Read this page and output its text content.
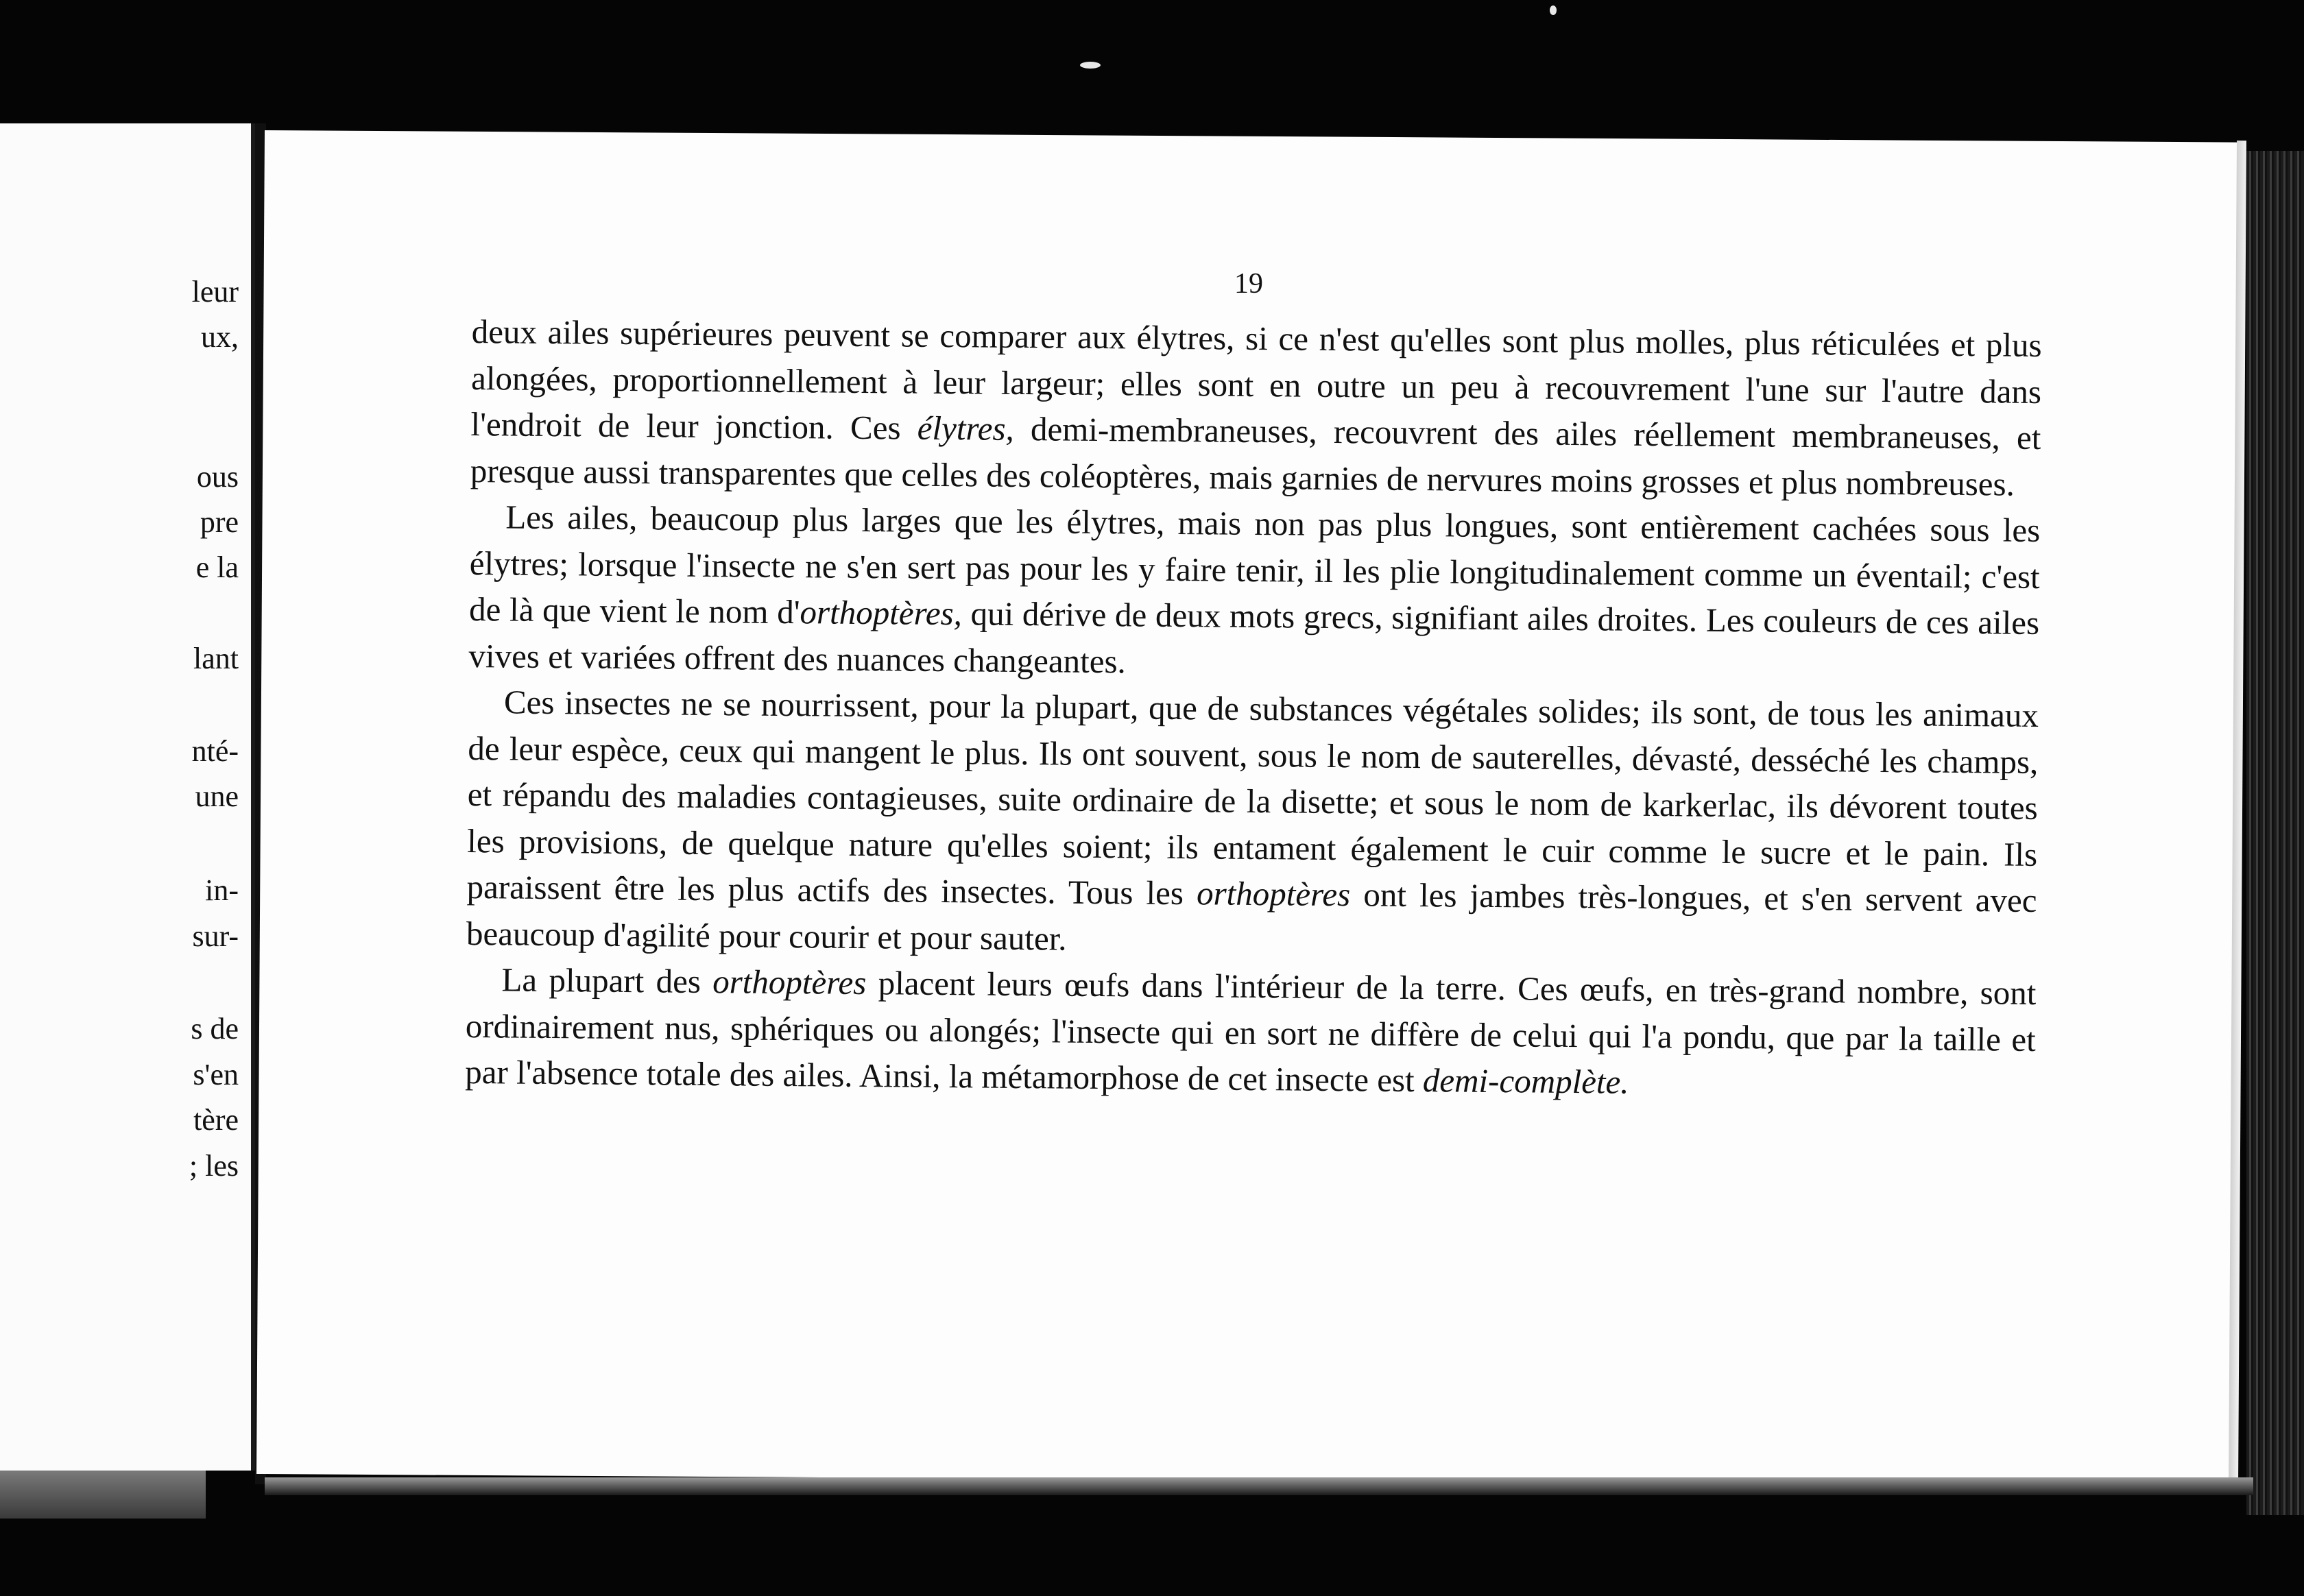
leur
ux,
ous
pre
e la
lant
nté-
une
in-
sur-
s de
s'en
tère
; les
19

deux ailes supérieures peuvent se comparer aux élytres, si ce n'est qu'elles sont plus molles, plus réticulées et plus alongées, proportionnellement à leur largeur; elles sont en outre un peu à recouvrement l'une sur l'autre dans l'endroit de leur jonction. Ces élytres, demi-membraneuses, recouvrent des ailes réellement membraneuses, et presque aussi transparentes que celles des coléoptères, mais garnies de nervures moins grosses et plus nombreuses.

Les ailes, beaucoup plus larges que les élytres, mais non pas plus longues, sont entièrement cachées sous les élytres; lorsque l'insecte ne s'en sert pas pour les y faire tenir, il les plie longitudinalement comme un éventail; c'est de là que vient le nom d'orthoptères, qui dérive de deux mots grecs, signifiant ailes droites. Les couleurs de ces ailes vives et variées offrent des nuances changeantes.

Ces insectes ne se nourrissent, pour la plupart, que de substances végétales solides; ils sont, de tous les animaux de leur espèce, ceux qui mangent le plus. Ils ont souvent, sous le nom de sauterelles, dévasté, desséché les champs, et répandu des maladies contagieuses, suite ordinaire de la disette; et sous le nom de karkerlac, ils dévorent toutes les provisions, de quelque nature qu'elles soient; ils entament également le cuir comme le sucre et le pain. Ils paraissent être les plus actifs des insectes. Tous les orthoptères ont les jambes très-longues, et s'en servent avec beaucoup d'agilité pour courir et pour sauter.

La plupart des orthoptères placent leurs œufs dans l'intérieur de la terre. Ces œufs, en très-grand nombre, sont ordinairement nus, sphériques ou alongés; l'insecte qui en sort ne diffère de celui qui l'a pondu, que par la taille et par l'absence totale des ailes. Ainsi, la métamorphose de cet insecte est demi-complète.
